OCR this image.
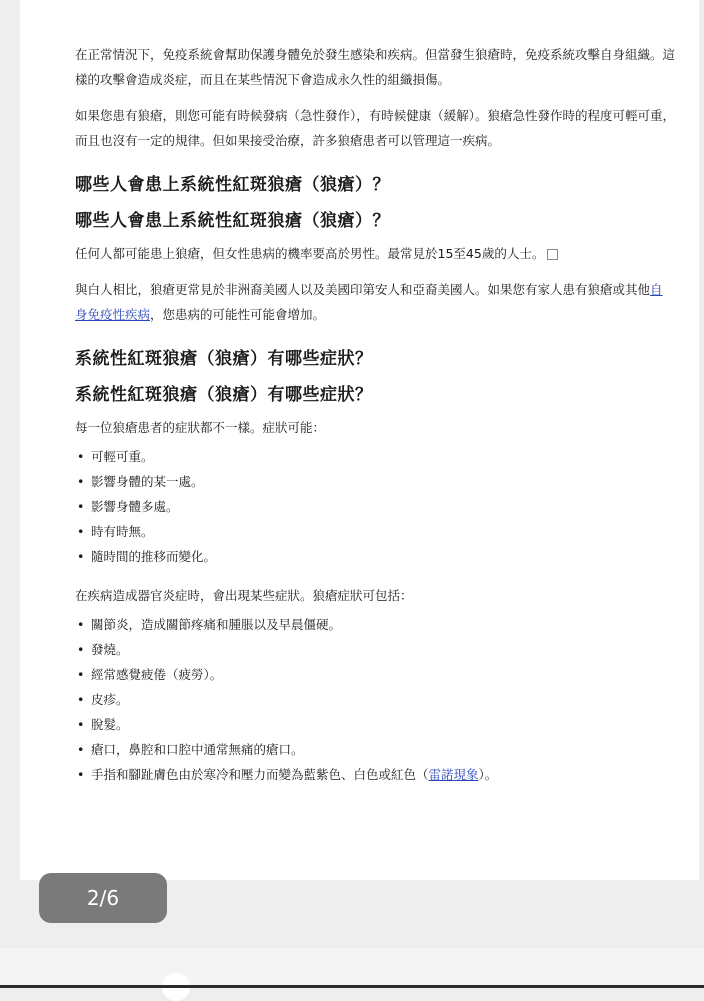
在正常情況下，免疫系統會幫助保護身體免於發生感染和疾病。但當發生狼瘡時，免疫系統攻擊自身組織。這樣的攻擊會造成炎症，而且在某些情況下會造成永久性的組織損傷。

如果您患有狼瘡，則您可能有時候發病（急性發作），有時候健康（緩解）。狼瘡急性發作時的程度可輕可重，而且也沒有一定的規律。但如果接受治療，許多狼瘡患者可以管理這一疾病。

哪些人會患上系統性紅斑狼瘡（狼瘡）？
哪些人會患上系統性紅斑狼瘡（狼瘡）？

任何人都可能患上狼瘡，但女性患病的機率要高於男性。最常見於15至45歲的人士。

與白人相比，狼瘡更常見於非洲裔美國人以及美國印第安人和亞裔美國人。如果您有家人患有狼瘡或其他自身免疫性疾病，您患病的可能性可能會增加。

系統性紅斑狼瘡（狼瘡）有哪些症狀？
系統性紅斑狼瘡（狼瘡）有哪些症狀？

每一位狼瘡患者的症狀都不一樣。症狀可能：

• 可輕可重。
• 影響身體的某一處。
• 影響身體多處。
• 時有時無。
• 隨時間的推移而變化。

在疾病造成器官炎症時，會出現某些症狀。狼瘡症狀可包括：

• 關節炎，造成關節疼痛和腫脹以及早晨僵硬。
• 發燒。
• 經常感覺疲倦（疲勞）。
• 皮疹。
• 脫髮。
• 瘡口，鼻腔和口腔中通常無痛的瘡口。
• 手指和腳趾膚色由於寒冷和壓力而變為藍紫色、白色或紅色（雷諾現象）。
2/6
